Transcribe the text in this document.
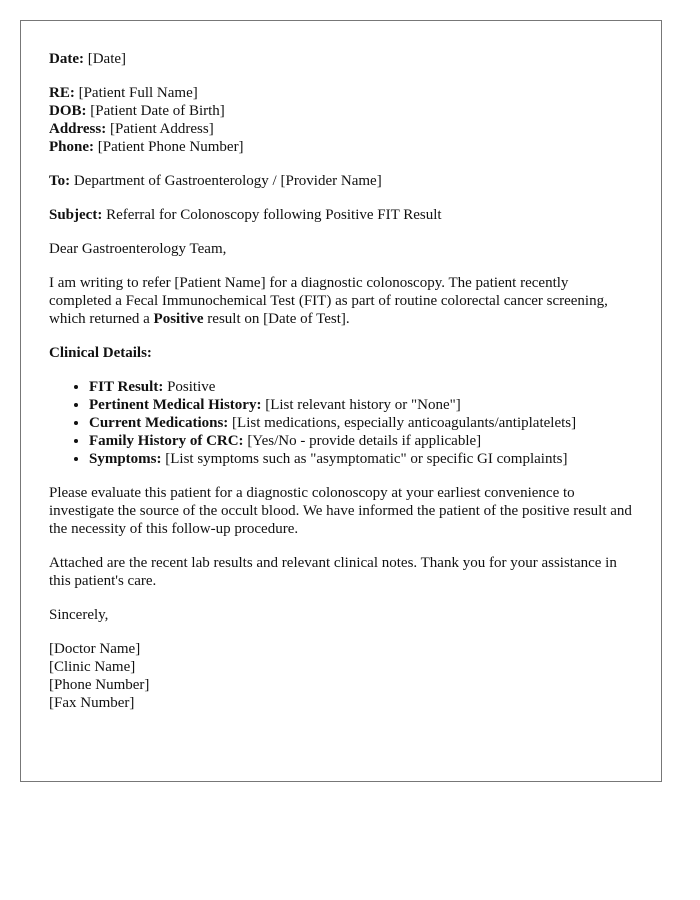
Date: [Date]

RE: [Patient Full Name]

DOB: [Patient Date of Birth]

Address: [Patient Address]

Phone: [Patient Phone Number]

To: Department of Gastroenterology / [Provider Name]

Subject: Referral for Colonoscopy following Positive FIT Result

Dear Gastroenterology Team,

I am writing to refer [Patient Name] for a diagnostic colonoscopy. The patient recently completed a Fecal Immunochemical Test (FIT) as part of routine colorectal cancer screening, which returned a Positive result on [Date of Test].

Clinical Details:

• FIT Result: Positive
• Pertinent Medical History: [List relevant history or "None"]
• Current Medications: [List medications, especially anticoagulants/antiplatelets]
• Family History of CRC: [Yes/No - provide details if applicable]
• Symptoms: [List symptoms such as "asymptomatic" or specific GI complaints]

Please evaluate this patient for a diagnostic colonoscopy at your earliest convenience to investigate the source of the occult blood. We have informed the patient of the positive result and the necessity of this follow-up procedure.

Attached are the recent lab results and relevant clinical notes. Thank you for your assistance in this patient's care.

Sincerely,

[Doctor Name]

[Clinic Name]

[Phone Number]

[Fax Number]
